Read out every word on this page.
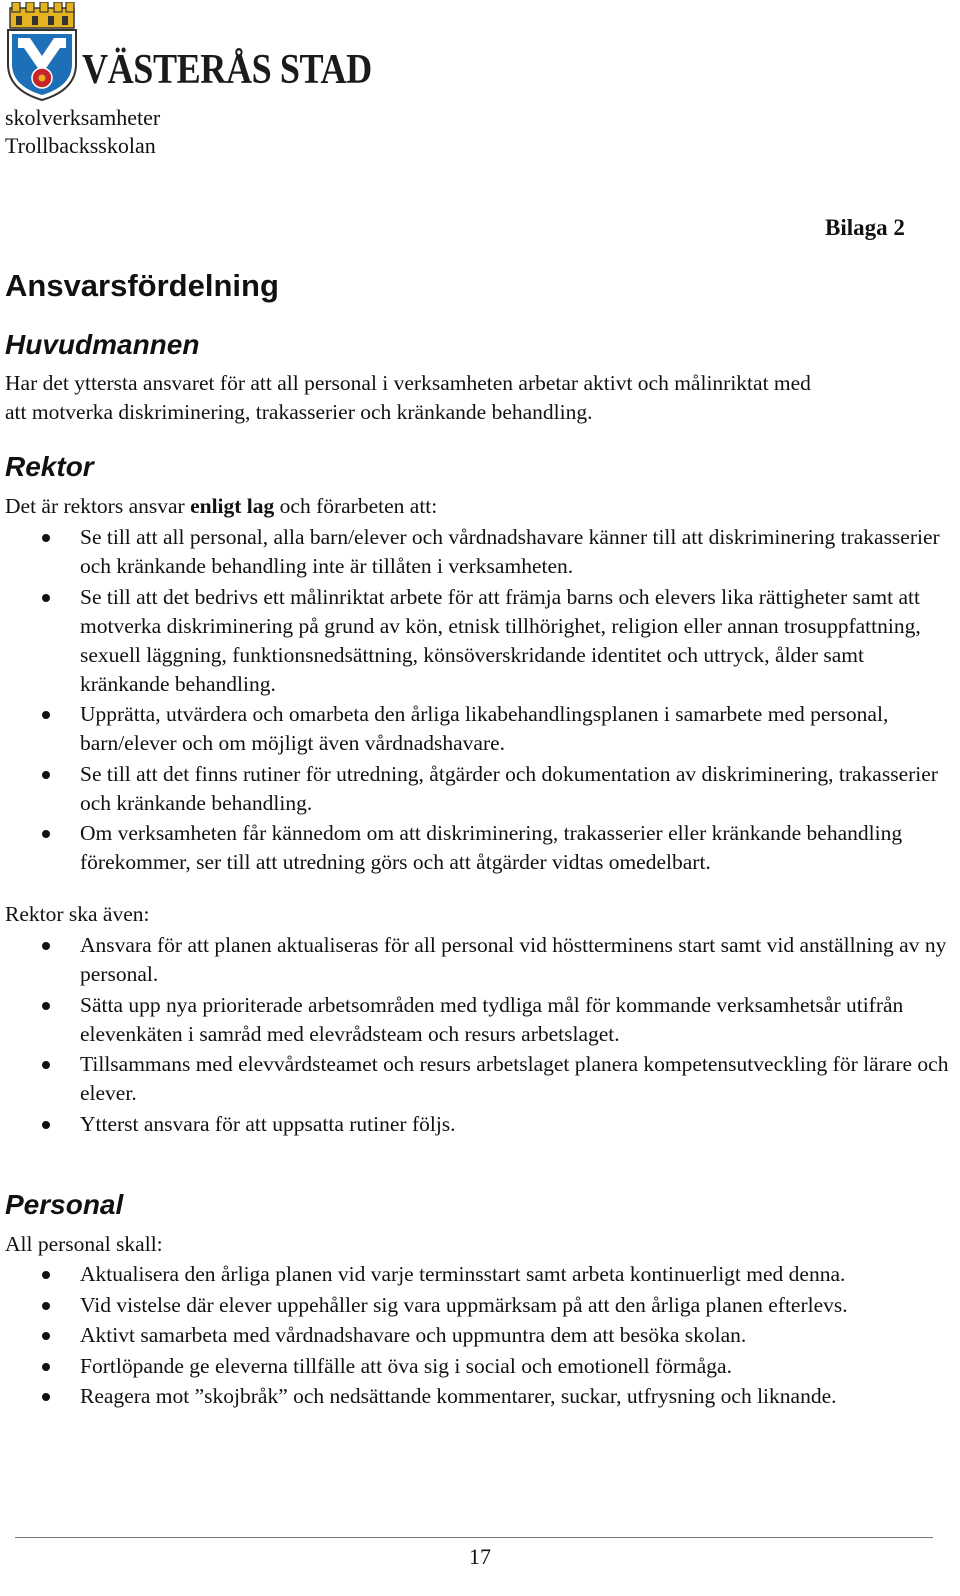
VÄSTERÅS STAD
skolverksamheter
Trollbacksskolan
Bilaga 2
Ansvarsfördelning
Huvudmannen
Har det yttersta ansvaret för att all personal i verksamheten arbetar aktivt och målinriktat med
att motverka diskriminering, trakasserier och kränkande behandling.
Rektor
Det är rektors ansvar enligt lag och förarbeten att:
Se till att all personal, alla barn/elever och vårdnadshavare känner till att diskriminering trakasserier och kränkande behandling inte är tillåten i verksamheten.
Se till att det bedrivs ett målinriktat arbete för att främja barns och elevers lika rättigheter samt att motverka diskriminering på grund av kön, etnisk tillhörighet, religion eller annan trosuppfattning, sexuell läggning, funktionsnedsättning, könsöverskridande identitet och uttryck, ålder samt kränkande behandling.
Upprätta, utvärdera och omarbeta den årliga likabehandlingsplanen i samarbete med personal, barn/elever och om möjligt även vårdnadshavare.
Se till att det finns rutiner för utredning, åtgärder och dokumentation av diskriminering, trakasserier och kränkande behandling.
Om verksamheten får kännedom om att diskriminering, trakasserier eller kränkande behandling förekommer, ser till att utredning görs och att åtgärder vidtas omedelbart.
Rektor ska även:
Ansvara för att planen aktualiseras för all personal vid höstterminens start samt vid anställning av ny personal.
Sätta upp nya prioriterade arbetsområden med tydliga mål för kommande verksamhetsår utifrån elevenkäten i samråd med elevrådsteam och resurs arbetslaget.
Tillsammans med elevvårdsteamet och resurs arbetslaget planera kompetensutveckling för lärare och elever.
Ytterst ansvara för att uppsatta rutiner följs.
Personal
All personal skall:
Aktualisera den årliga planen vid varje terminsstart samt arbeta kontinuerligt med denna.
Vid vistelse där elever uppehåller sig vara uppmärksam på att den årliga planen efterlevs.
Aktivt samarbeta med vårdnadshavare och uppmuntra dem att besöka skolan.
Fortlöpande ge eleverna tillfälle att öva sig i social och emotionell förmåga.
Reagera mot ”skojbråk” och nedsättande kommentarer, suckar, utfrysning och liknande.
17
